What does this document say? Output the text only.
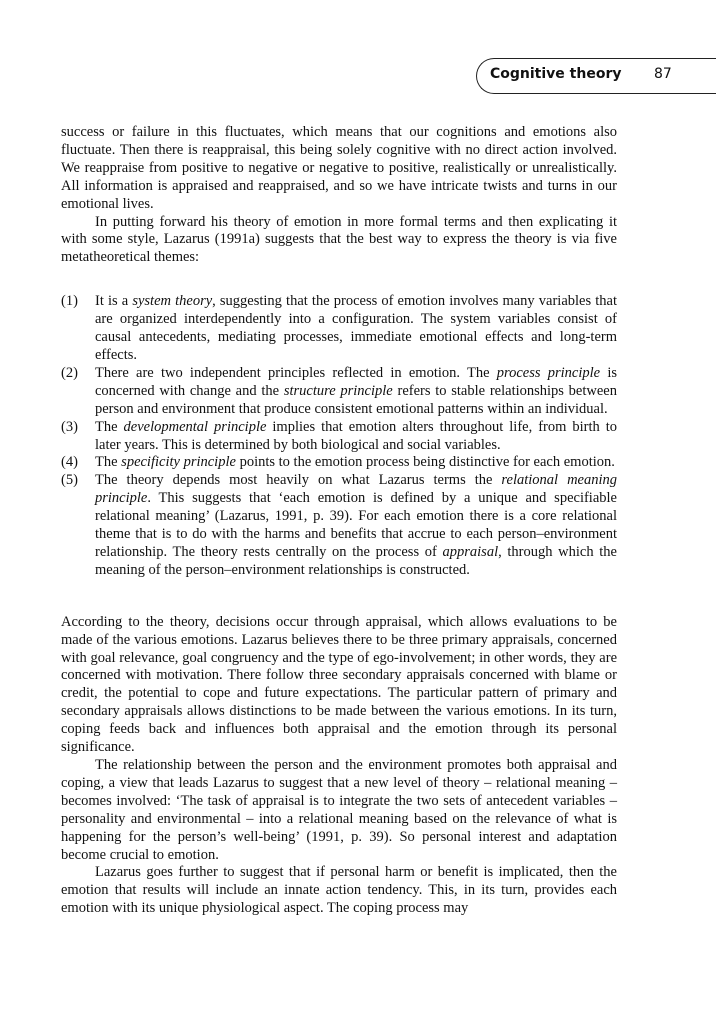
Cognitive theory 87

success or failure in this fluctuates, which means that our cognitions and emotions also fluctuate. Then there is reappraisal, this being solely cognitive with no direct action involved. We reappraise from positive to negative or negative to positive, realistically or unrealistically. All information is appraised and reappraised, and so we have intricate twists and turns in our emotional lives.

In putting forward his theory of emotion in more formal terms and then explicating it with some style, Lazarus (1991a) suggests that the best way to express the theory is via five metatheoretical themes:

(1) It is a system theory, suggesting that the process of emotion involves many variables that are organized interdependently into a configuration. The system variables consist of causal antecedents, mediating processes, immediate emotional effects and long-term effects.

(2) There are two independent principles reflected in emotion. The process principle is concerned with change and the structure principle refers to stable relationships between person and environment that produce consistent emotional patterns within an individual.

(3) The developmental principle implies that emotion alters throughout life, from birth to later years. This is determined by both biological and social variables.

(4) The specificity principle points to the emotion process being distinctive for each emotion.

(5) The theory depends most heavily on what Lazarus terms the relational meaning principle. This suggests that ‘each emotion is defined by a unique and specifiable relational meaning’ (Lazarus, 1991, p. 39). For each emotion there is a core relational theme that is to do with the harms and benefits that accrue to each person–environment relationship. The theory rests centrally on the process of appraisal, through which the meaning of the person–environment relationships is constructed.

According to the theory, decisions occur through appraisal, which allows evaluations to be made of the various emotions. Lazarus believes there to be three primary appraisals, concerned with goal relevance, goal congruency and the type of ego-involvement; in other words, they are concerned with motivation. There follow three secondary appraisals concerned with blame or credit, the potential to cope and future expectations. The particular pattern of primary and secondary appraisals allows distinctions to be made between the various emotions. In its turn, coping feeds back and influences both appraisal and the emotion through its personal significance.

The relationship between the person and the environment promotes both appraisal and coping, a view that leads Lazarus to suggest that a new level of theory – relational meaning – becomes involved: ‘The task of appraisal is to integrate the two sets of antecedent variables – personality and environmental – into a relational meaning based on the relevance of what is happening for the person’s well-being’ (1991, p. 39). So personal interest and adaptation become crucial to emotion.

Lazarus goes further to suggest that if personal harm or benefit is implicated, then the emotion that results will include an innate action tendency. This, in its turn, provides each emotion with its unique physiological aspect. The coping process may
